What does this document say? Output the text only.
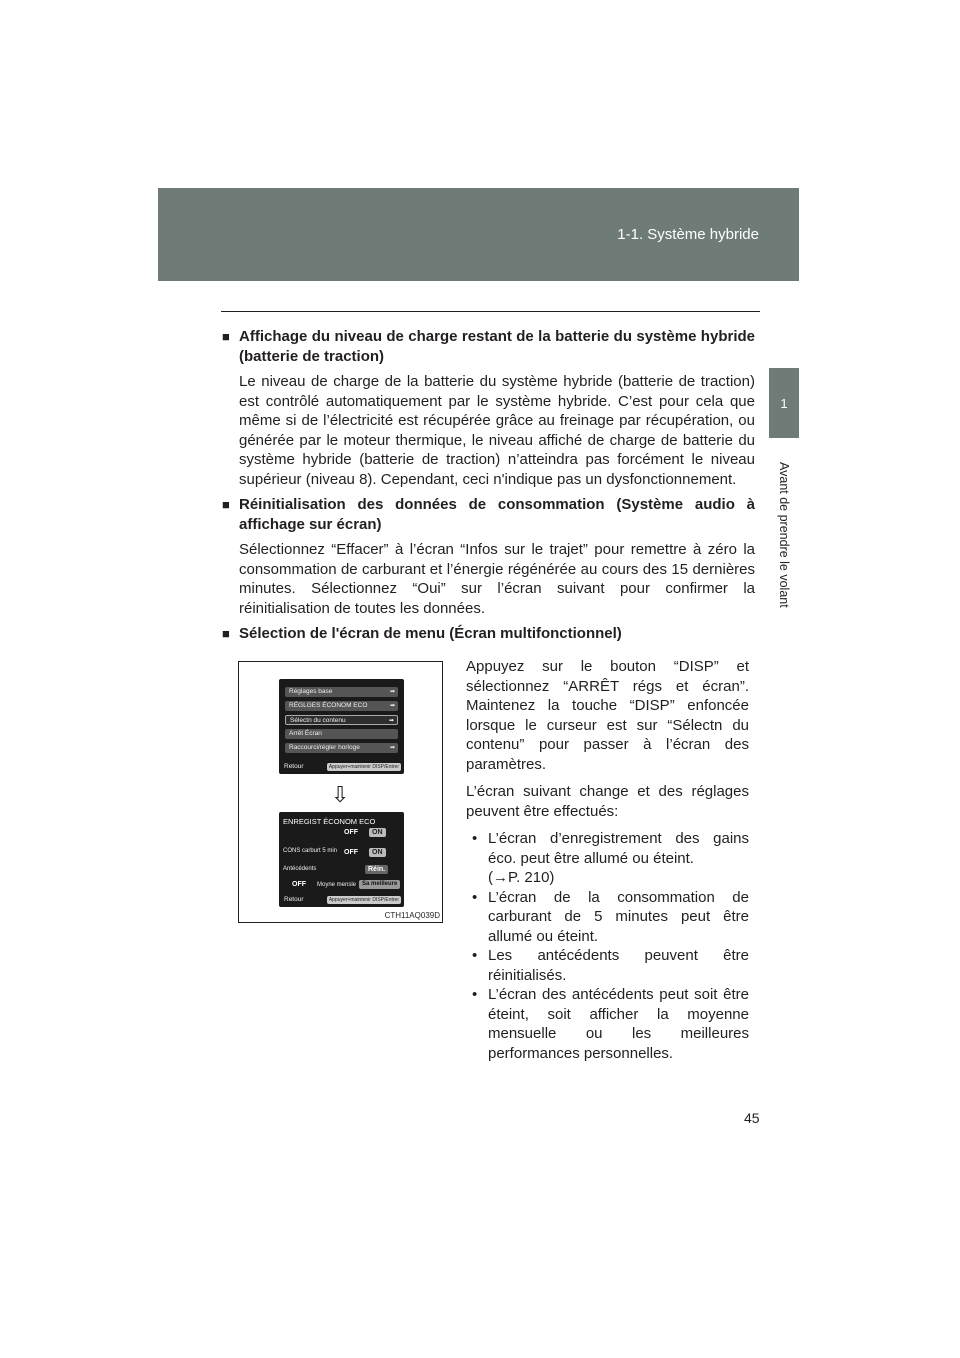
1-1. Système hybride
1
Avant de prendre le volant
■ Affichage du niveau de charge restant de la batterie du système hybride (batterie de traction)

Le niveau de charge de la batterie du système hybride (batterie de traction) est contrôlé automatiquement par le système hybride. C’est pour cela que même si de l’électricité est récupérée grâce au freinage par récupération, ou générée par le moteur thermique, le niveau affiché de charge de batterie du système hybride (batterie de traction) n’atteindra pas forcément le niveau supérieur (niveau 8). Cependant, ceci n'indique pas un dysfonctionnement.

■ Réinitialisation des données de consommation (Système audio à affichage sur écran)

Sélectionnez “Effacer” à l’écran “Infos sur le trajet” pour remettre à zéro la consommation de carburant et l’énergie régénérée au cours des 15 dernières minutes. Sélectionnez “Oui” sur l’écran suivant pour confirmer la réinitialisation de toutes les données.

■ Sélection de l'écran de menu (Écran multifonctionnel)
Réglages base	➡
RÉGLGES ÉCONOM ECO	➡
Sélectn du contenu	➡
Arrêt Écran
Raccourci/régler horloge	➡
Retour	Appuyer+maintenir DISP/Entrer
⇩
ENREGIST ÉCONOM ECO
OFF	ON
CONS carburt 5 min OFF	ON
Antécédents	Réin.
OFF	Moyne mensle Sa meilleure
Retour	Appuyer+maintenir DISP/Entrer
CTH11AQ039D

Appuyez sur le bouton “DISP” et sélectionnez “ARRÊT régs et écran”. Maintenez la touche “DISP” enfoncée lorsque le curseur est sur “Sélectn du contenu” pour passer à l’écran des paramètres.

L’écran suivant change et des réglages peuvent être effectués:

• L’écran d’enregistrement des gains éco. peut être allumé ou éteint.
(→P. 210)
• L’écran de la consommation de carburant de 5 minutes peut être allumé ou éteint.
• Les antécédents peuvent être réinitialisés.
• L’écran des antécédents peut soit être éteint, soit afficher la moyenne mensuelle ou les meilleures performances personnelles.
45
